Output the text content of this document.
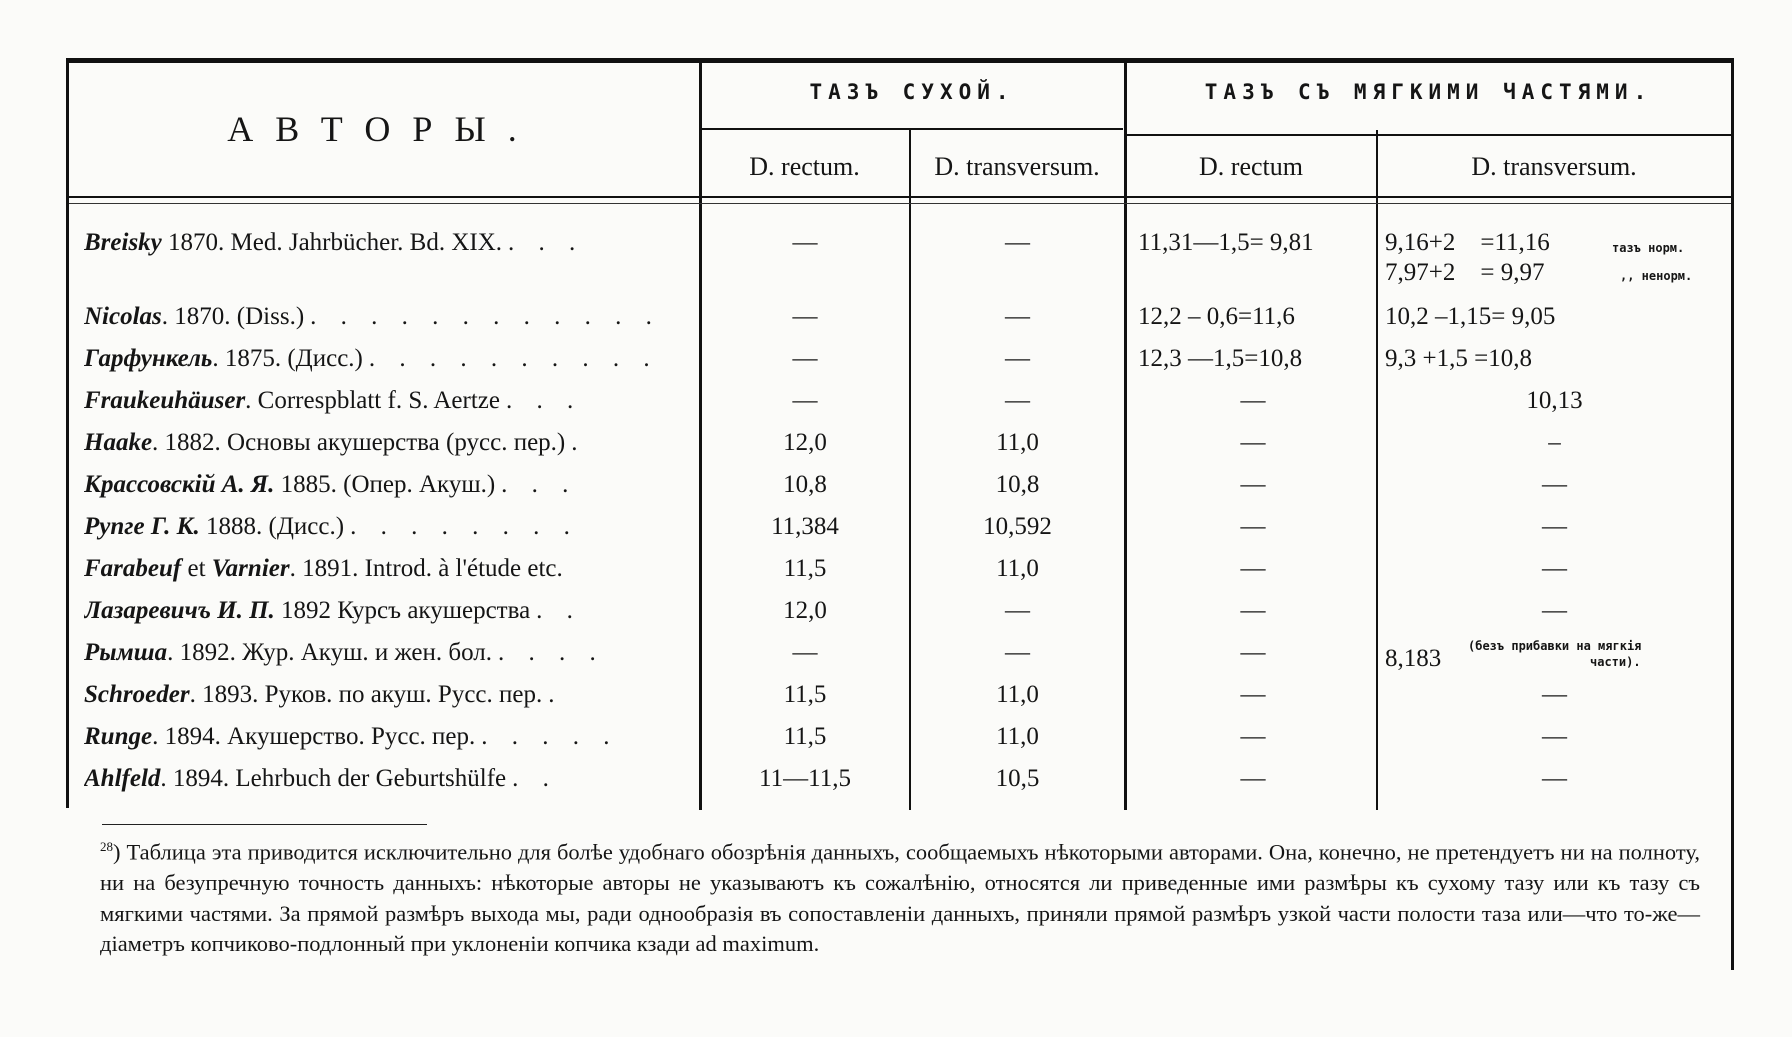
АВТОРЫ.
ТАЗЪ СУХОЙ.	ТАЗЪ СЪ МЯГКИМИ ЧАСТЯМИ.
D. rectum.	D. transversum.	D. rectum	D. transversum.
Breisky 1870. Med. Jahrbücher. Bd. XIX. . . .	—	—	11,31—1,5= 9,81	9,16+2    =11,16	тазъ норм.
7,97+2    = 9,97	,, ненорм.
Nicolas. 1870. (Diss.) . . . . . . . . . . . .	—	—	12,2 – 0,6=11,6	10,2 –1,15= 9,05
Гарфункель. 1875. (Дисс.) . . . . . . . . . .	—	—	12,3 —1,5=10,8	9,3 +1,5 =10,8
Fraukeuhäuser. Correspblatt f. S. Aertze . . .	—	—	—	10,13
Haake. 1882. Основы акушерства (русс. пер.) .	12,0	11,0	—	–
Крассовскій А. Я. 1885. (Опер. Акуш.) . . .	10,8	10,8	—	—
Руnге Г. К. 1888. (Дисс.) . . . . . . . .	11,384	10,592	—	—
Farabeuf et Varnier. 1891. Introd. à l'étude etc.	11,5	11,0	—	—
Лазаревичъ И. П. 1892 Курсъ акушерства . .	12,0	—	—	—
Рымша. 1892. Жур. Акуш. и жен. бол. . . . .	—	—	—	8,183 (безъ прибавки на мягкія
части).
Schroeder. 1893. Руков. по акуш. Русс. пер. .	11,5	11,0	—	—
Runge. 1894. Акушерство. Русс. пер. . . . . .	11,5	11,0	—	—
Ahlfeld. 1894. Lehrbuch der Geburtshülfe . .	11—11,5	10,5	—	—
$^{28}$) Таблица эта приводится исключительно для болѣе удобнаго обозрѣнія данныхъ, сообщаемыхъ нѣкоторыми авторами. Она, конечно, не претендуетъ ни на полноту, ни на безупречную точность данныхъ: нѣкоторые авторы не указываютъ къ сожалѣнію, относятся ли приведенные ими размѣры къ сухому тазу или къ тазу съ мягкими частями. За прямой размѣръ выхода мы, ради однообразія въ сопоставленіи данныхъ, приняли прямой размѣръ узкой части полости таза или—что то-же—діаметръ копчиково-подлонный при уклоненіи копчика кзади ad maximum.
